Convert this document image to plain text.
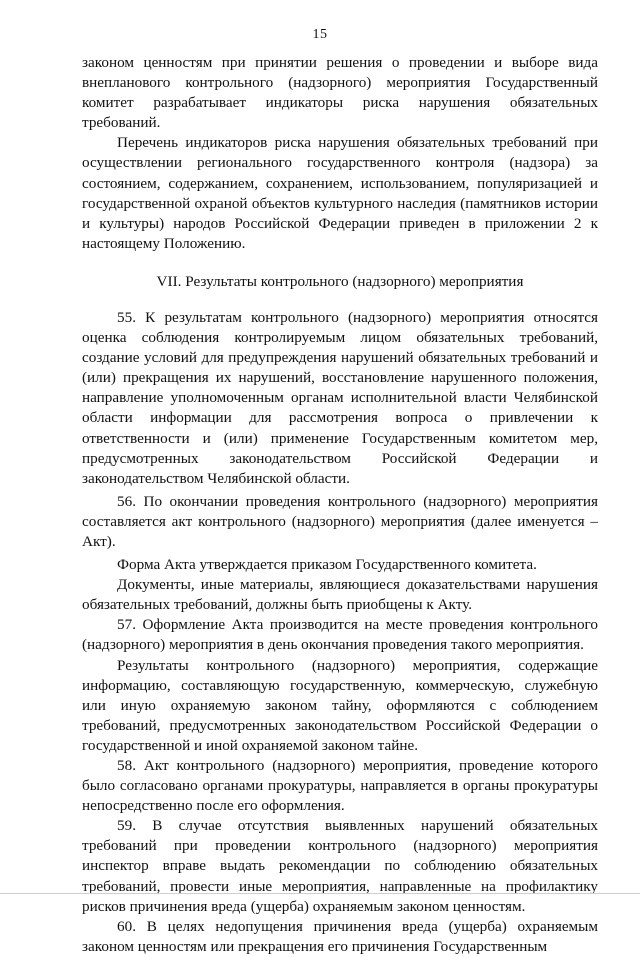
15

законом ценностям при принятии решения о проведении и выборе вида внепланового контрольного (надзорного) мероприятия Государственный комитет разрабатывает индикаторы риска нарушения обязательных требований.

Перечень индикаторов риска нарушения обязательных требований при осуществлении регионального государственного контроля (надзора) за состоянием, содержанием, сохранением, использованием, популяризацией и государственной охраной объектов культурного наследия (памятников истории и культуры) народов Российской Федерации приведен в приложении 2 к настоящему Положению.

VII. Результаты контрольного (надзорного) мероприятия

55. К результатам контрольного (надзорного) мероприятия относятся оценка соблюдения контролируемым лицом обязательных требований, создание условий для предупреждения нарушений обязательных требований и (или) прекращения их нарушений, восстановление нарушенного положения, направление уполномоченным органам исполнительной власти Челябинской области информации для рассмотрения вопроса о привлечении к ответственности и (или) применение Государственным комитетом мер, предусмотренных законодательством Российской Федерации и законодательством Челябинской области.

56. По окончании проведения контрольного (надзорного) мероприятия составляется акт контрольного (надзорного) мероприятия (далее именуется – Акт).

Форма Акта утверждается приказом Государственного комитета.

Документы, иные материалы, являющиеся доказательствами нарушения обязательных требований, должны быть приобщены к Акту.

57. Оформление Акта производится на месте проведения контрольного (надзорного) мероприятия в день окончания проведения такого мероприятия.

Результаты контрольного (надзорного) мероприятия, содержащие информацию, составляющую государственную, коммерческую, служебную или иную охраняемую законом тайну, оформляются с соблюдением требований, предусмотренных законодательством Российской Федерации о государственной и иной охраняемой законом тайне.

58. Акт контрольного (надзорного) мероприятия, проведение которого было согласовано органами прокуратуры, направляется в органы прокуратуры непосредственно после его оформления.

59. В случае отсутствия выявленных нарушений обязательных требований при проведении контрольного (надзорного) мероприятия инспектор вправе выдать рекомендации по соблюдению обязательных требований, провести иные мероприятия, направленные на профилактику рисков причинения вреда (ущерба) охраняемым законом ценностям.

60. В целях недопущения причинения вреда (ущерба) охраняемым законом ценностям или прекращения его причинения Государственным
